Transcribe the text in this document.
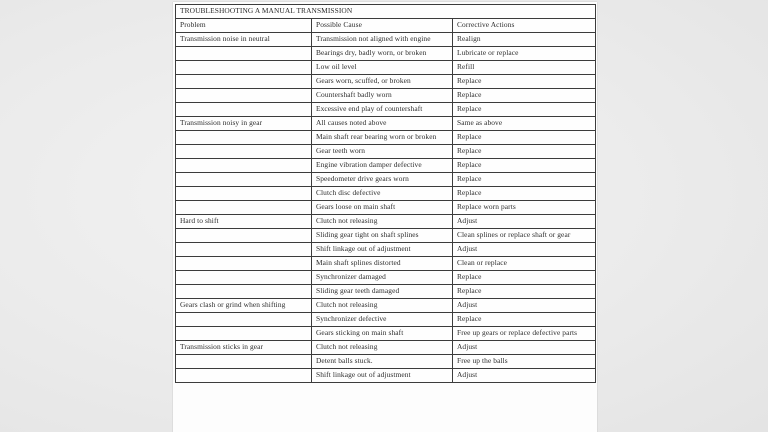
TROUBLESHOOTING A MANUAL TRANSMISSION		
Problem	Possible Cause	Corrective Actions
Transmission noise in neutral	Transmission not aligned with engine	Realign
	Bearings dry, badly worn, or broken	Lubricate or replace
	Low oil level	Refill
	Gears worn, scuffed, or broken	Replace
	Countershaft badly worn	Replace
	Excessive end play of countershaft	Replace
Transmission noisy in gear	All causes noted above	Same as above
	Main shaft rear bearing worn or broken	Replace
	Gear teeth worn	Replace
	Engine vibration damper defective	Replace
	Speedometer drive gears worn	Replace
	Clutch disc defective	Replace
	Gears loose on main shaft	Replace worn parts
Hard to shift	Clutch not releasing	Adjust
	Sliding gear tight on shaft splines	Clean splines or replace shaft or gear
	Shift linkage out of adjustment	Adjust
	Main shaft splines distorted	Clean or replace
	Synchronizer damaged	Replace
	Sliding gear teeth damaged	Replace
Gears clash or grind when shifting	Clutch not releasing	Adjust
	Synchronizer defective	Replace
	Gears sticking on main shaft	Free up gears or replace defective parts
Transmission sticks in gear	Clutch not releasing	Adjust
	Detent balls stuck.	Free up the balls
	Shift linkage out of adjustment	Adjust
